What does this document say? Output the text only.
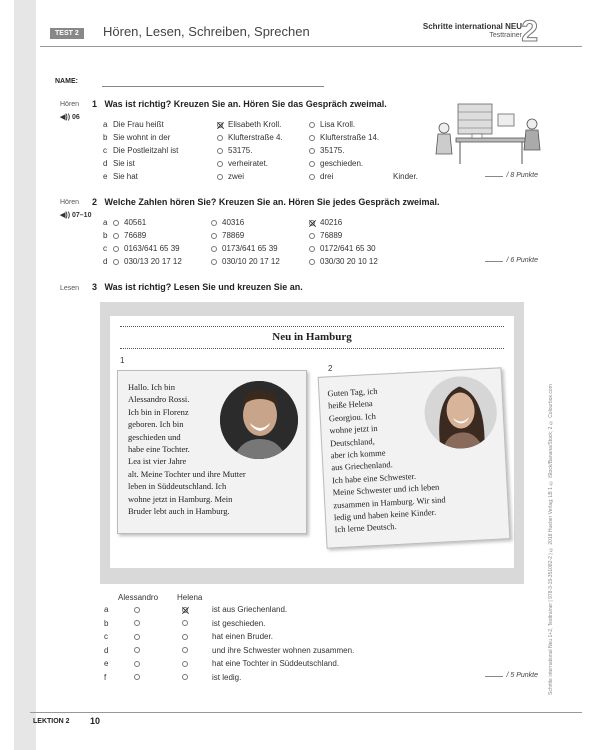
TEST 2	Hören, Lesen, Schreiben, Sprechen	Schritte international NEU
Testtrainer 2
NAME:
Hören
◀)) 06
1 Was ist richtig? Kreuzen Sie an. Hören Sie das Gespräch zweimal.
a Die Frau heißt	Elisabeth Kroll.	Lisa Kroll.
b Sie wohnt in der	Klufterstraße 4.	Klufterstraße 14.
c Die Postleitzahl ist	53175.	35175.
d Sie ist	verheiratet.	geschieden.
e Sie hat	zwei	drei	Kinder.	/ 8 Punkte
Hören
◀)) 07–10
2 Welche Zahlen hören Sie? Kreuzen Sie an. Hören Sie jedes Gespräch zweimal.
a 40561	40316	40216
b 76689	78869	76889
c 0163/641 65 39	0173/641 65 39	0172/641 65 30
d 030/13 20 17 12	030/10 20 17 12	030/30 20 10 12	/ 6 Punkte
Lesen 3 Was ist richtig? Lesen Sie und kreuzen Sie an.
Neu in Hamburg
1
2
Hallo. Ich bin
Alessandro Rossi.
Ich bin in Florenz
geboren. Ich bin
geschieden und
habe eine Tochter.
Lea ist vier Jahre
alt. Meine Tochter und ihre Mutter
leben in Süddeutschland. Ich
wohne jetzt in Hamburg. Mein
Bruder lebt auch in Hamburg.
Guten Tag, ich
heiße Helena
Georgiou. Ich
wohne jetzt in
Deutschland,
aber ich komme
aus Griechenland.
Ich habe eine Schwester.
Meine Schwester und ich leben
zusammen in Hamburg. Wir sind
ledig und haben keine Kinder.
Ich lerne Deutsch.
Alessandro Helena
a	ist aus Griechenland.
b	ist geschieden.
c	hat einen Bruder.
d	und ihre Schwester wohnen zusammen.
e	hat eine Tochter in Süddeutschland.
f	ist ledig.	/ 5 Punkte Schritte international Neu 1+2, Testtrainer | 978-3-19-351082-2 | © 2018 Hueber Verlag; LB 1 © iStock/Banana/Stock; 2 © Colourbox.com
LEKTION 2 10
